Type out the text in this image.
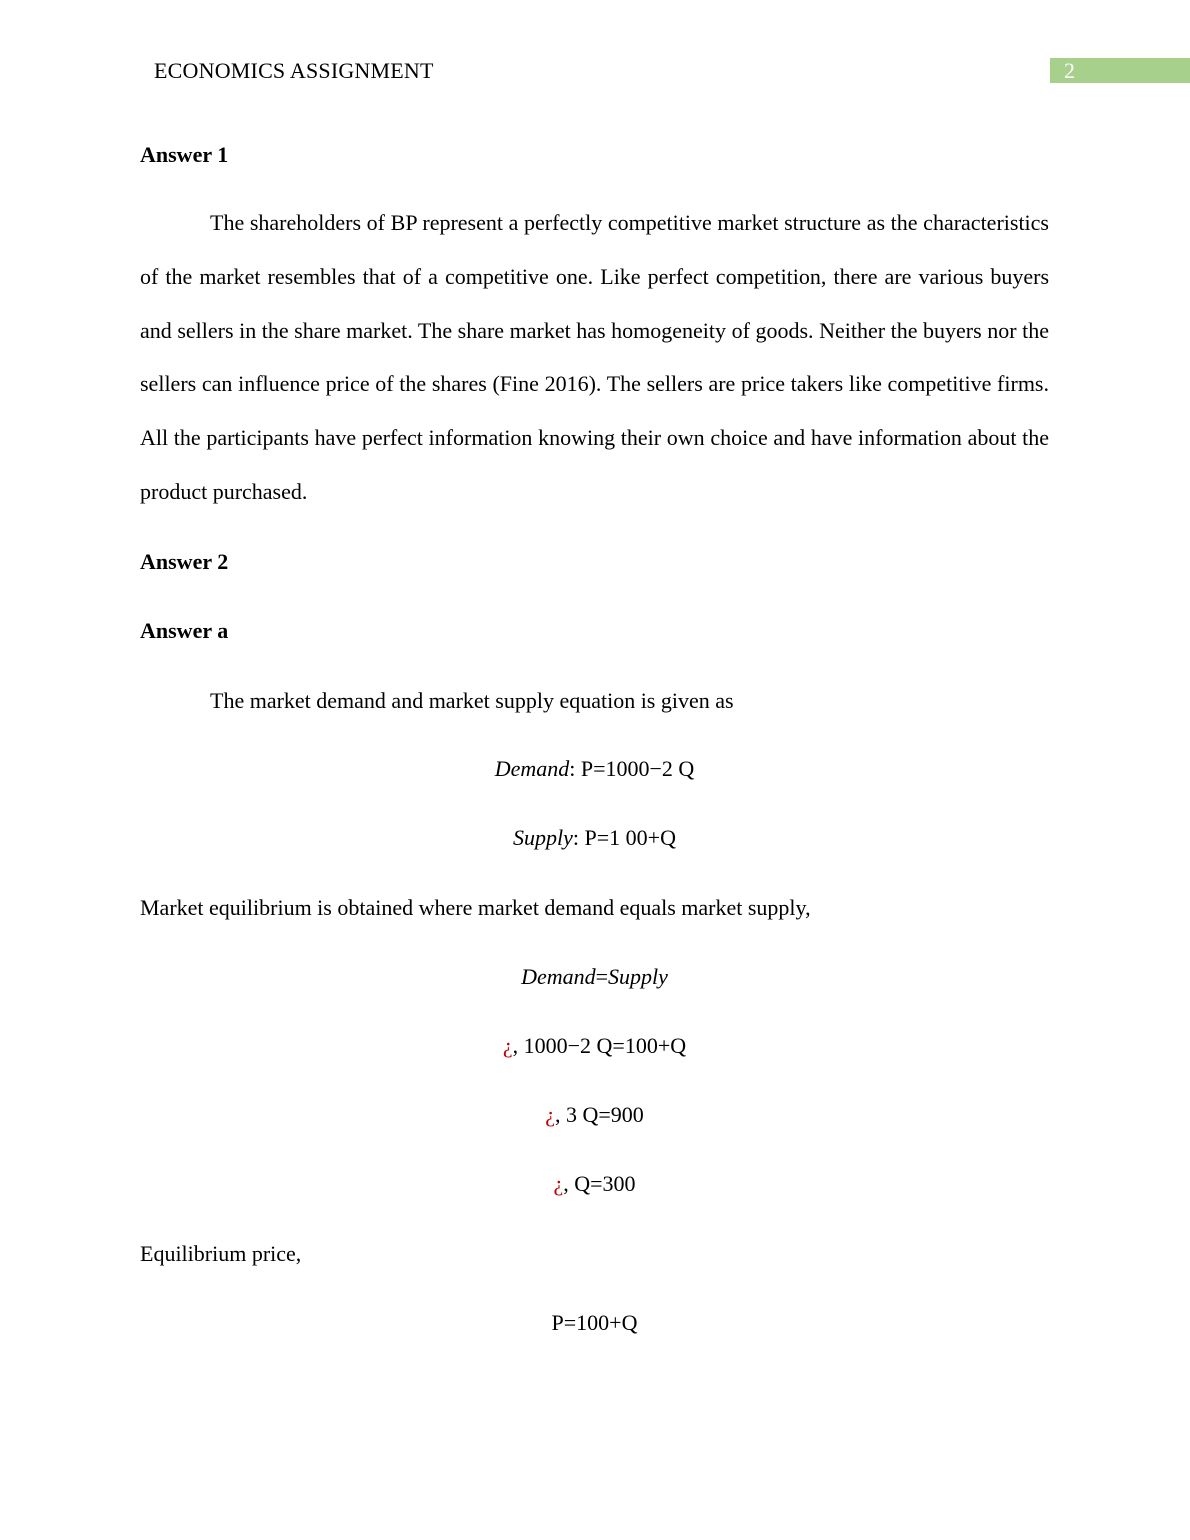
ECONOMICS ASSIGNMENT	2
Answer 1

The shareholders of BP represent a perfectly competitive market structure as the characteristics of the market resembles that of a competitive one. Like perfect competition, there are various buyers and sellers in the share market. The share market has homogeneity of goods. Neither the buyers nor the sellers can influence price of the shares (Fine 2016). The sellers are price takers like competitive firms. All the participants have perfect information knowing their own choice and have information about the product purchased.

Answer 2
Answer a
The market demand and market supply equation is given as
Demand: P=1000−2 Q
Supply: P=1 00+Q
Market equilibrium is obtained where market demand equals market supply,
Demand=Supply
¿, 1000−2 Q=100+Q
¿, 3 Q=900
¿, Q=300
Equilibrium price,
P=100+Q
